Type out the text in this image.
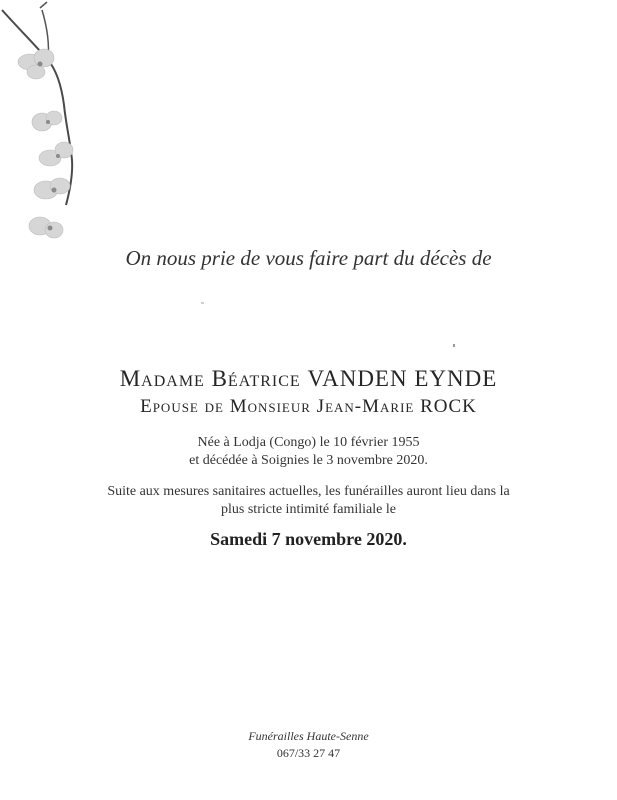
On nous prie de vous faire part du décès de
Madame Béatrice VANDEN EYNDE
Epouse de Monsieur Jean-Marie ROCK
Née à Lodja (Congo) le 10 février 1955
et décédée à Soignies le 3 novembre 2020.
Suite aux mesures sanitaires actuelles, les funérailles auront lieu dans la
plus stricte intimité familiale le
Samedi 7 novembre 2020.
Funérailles Haute-Senne
067/33 27 47
